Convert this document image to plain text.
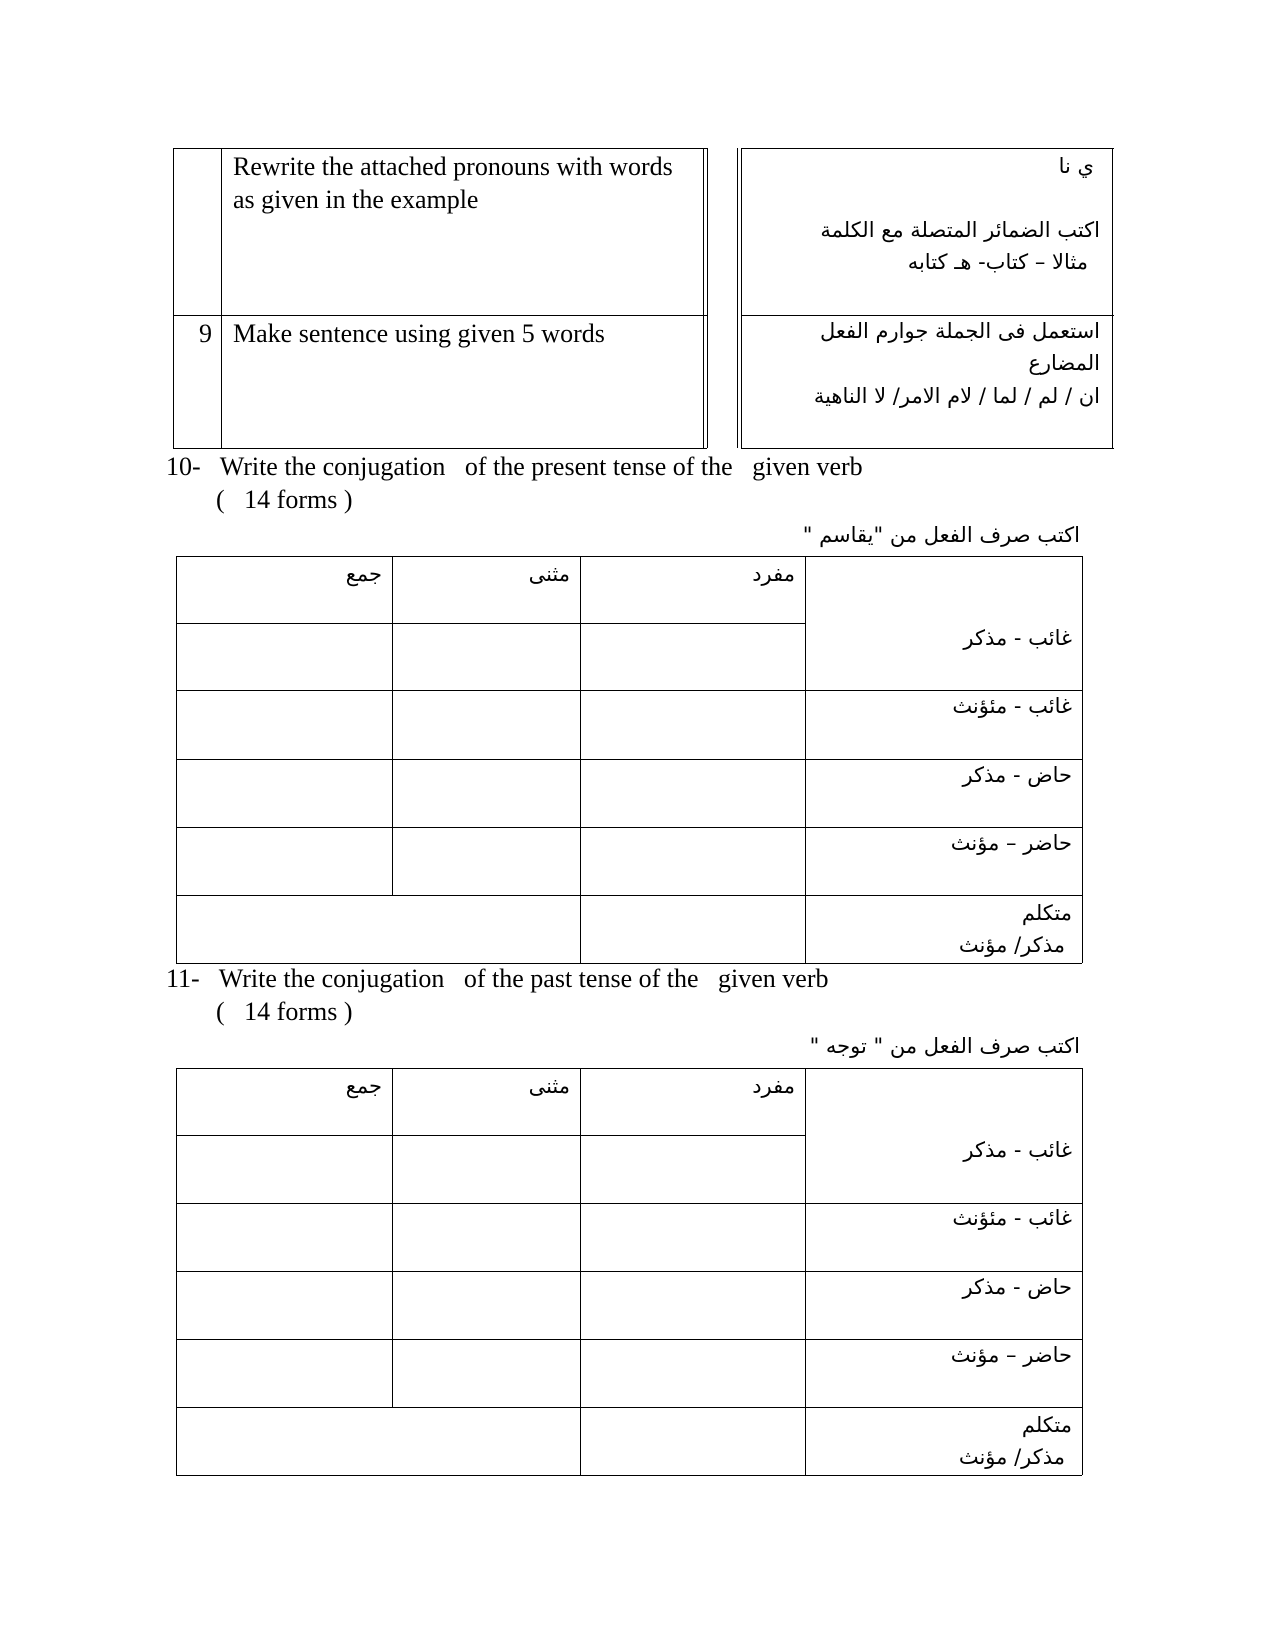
Rewrite the attached pronouns with words as given in the example
ي نا
اكتب الضمائر المتصلة مع الكلمة
مثالا – كتاب- هـ كتابه
9 Make sentence using given 5 words	استعمل فى الجملة جوارم الفعل المضارع
ان / لم / لما / لام الامر/ لا الناهية
10-   Write the conjugation   of the present tense of the   given verb
(   14 forms )
اكتب صرف الفعل من "يقاسم "
مفرد
مثنى
جمع
غائب - مذكر
غائب - مئؤنث
حاض - مذكر
حاضر – مؤنث
متكلم
مذكر/ مؤنث
11-   Write the conjugation   of the past tense of the   given verb
(   14 forms )
اكتب صرف الفعل من " توجه "
مفرد
مثنى
جمع
غائب - مذكر
غائب - مئؤنث
حاض - مذكر
حاضر – مؤنث
متكلم
مذكر/ مؤنث
